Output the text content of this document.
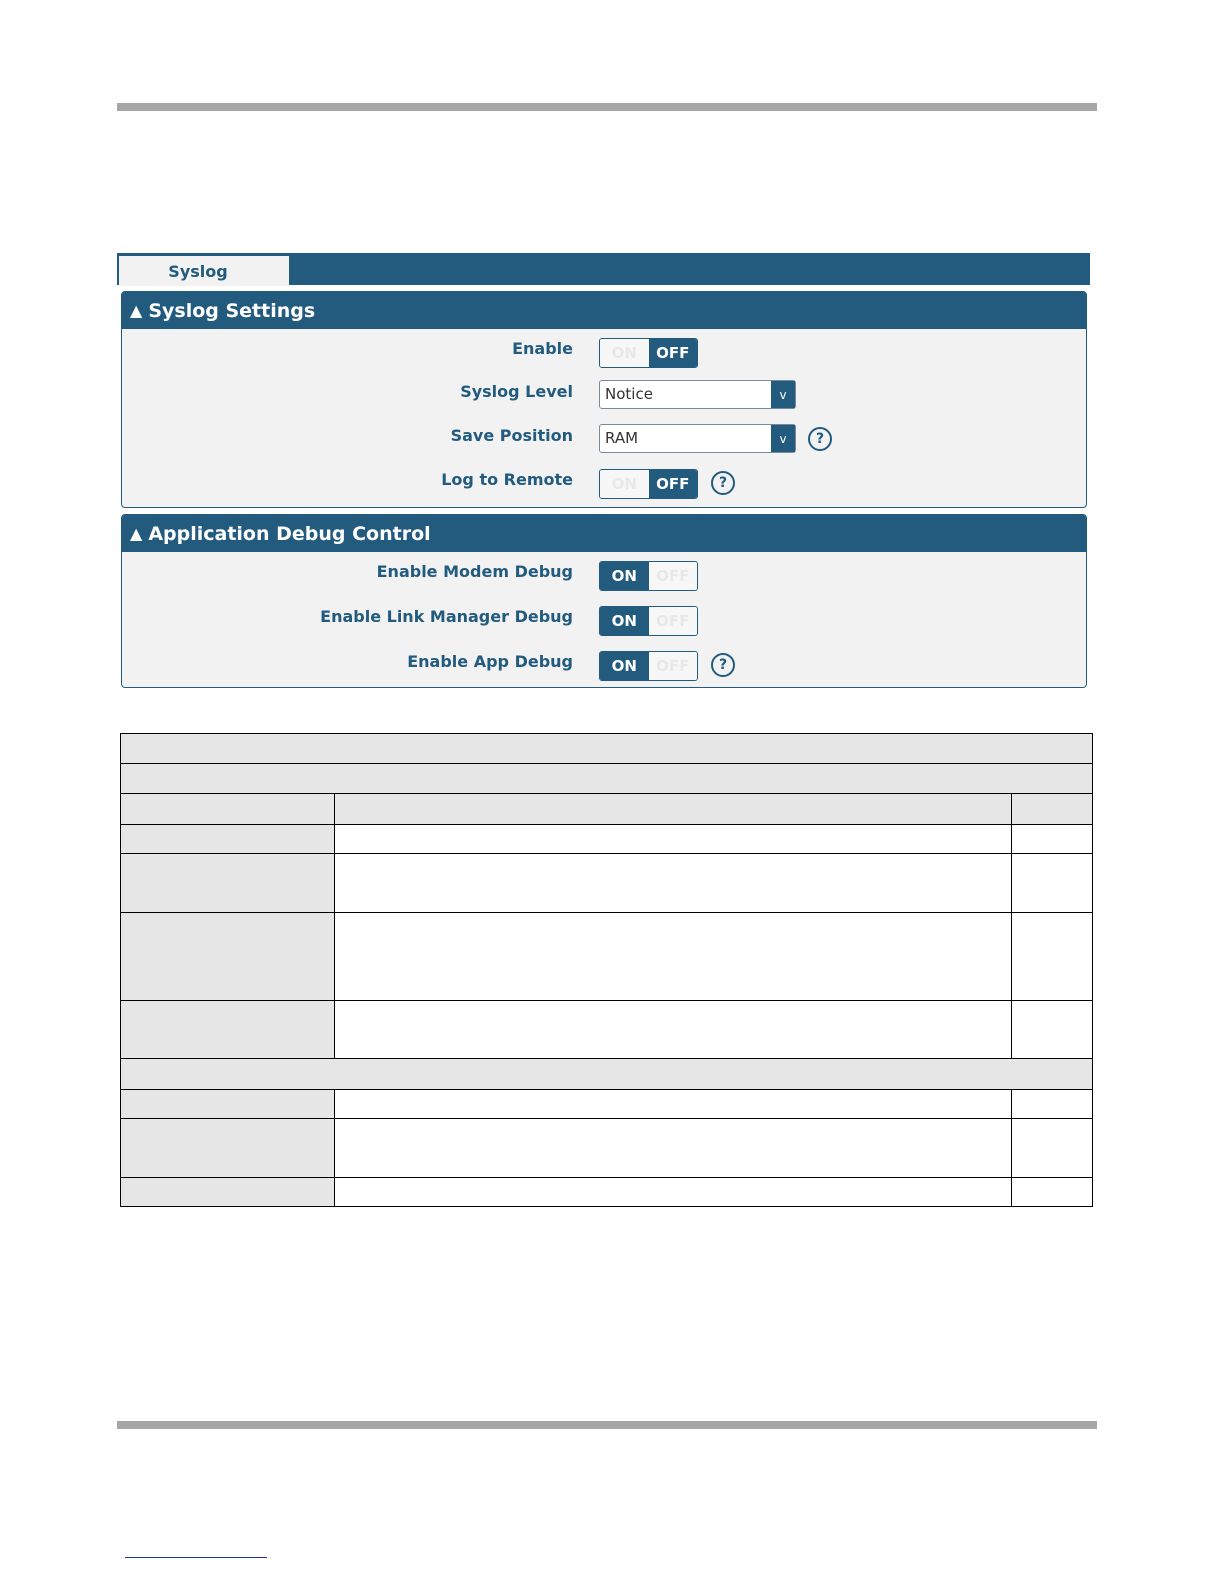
Syslog
▲ Syslog Settings
Enable	ON	OFF
Syslog Level Notice	v
Save Position RAM	v	?
Log to Remote	ON	OFF	?
▲ Application Debug Control
Enable Modem Debug	ON	OFF
Enable Link Manager Debug	ON	OFF
Enable App Debug	ON	OFF	?
